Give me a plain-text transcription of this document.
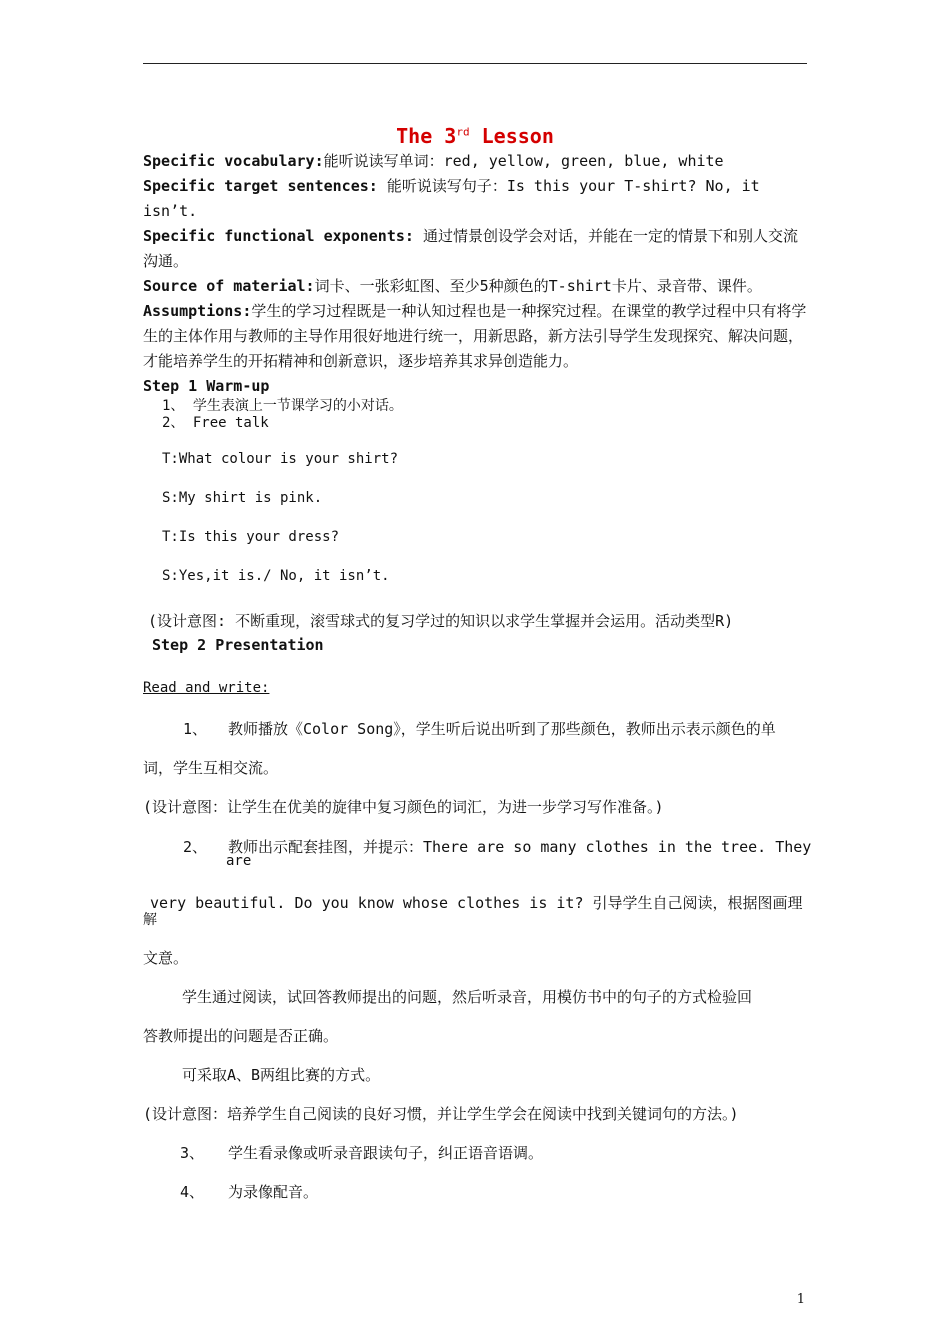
The 3rd Lesson
Specific vocabulary:能听说读写单词：red, yellow, green, blue, white
Specific target sentences: 能听说读写句子：Is this your T-shirt? No, it isn’t.
Specific functional exponents: 通过情景创设学会对话，并能在一定的情景下和别人交流沟通。
Source of material:词卡、一张彩虹图、至少5种颜色的T-shirt卡片、录音带、课件。
Assumptions:学生的学习过程既是一种认知过程也是一种探究过程。在课堂的教学过程中只有将学生的主体作用与教师的主导作用很好地进行统一，用新思路，新方法引导学生发现探究、解决问题，才能培养学生的开拓精神和创新意识，逐步培养其求异创造能力。
Step 1 Warm-up
1、 学生表演上一节课学习的小对话。
2、 Free talk
T:What colour is your shirt?
S:My shirt is pink.
T:Is this your dress?
S:Yes,it is./ No, it isn’t.
(设计意图: 不断重现，滚雪球式的复习学过的知识以求学生掌握并会运用。活动类型R)
Step 2 Presentation
Read and write:
1、 教师播放《Color Song》，学生听后说出听到了那些颜色，教师出示表示颜色的单
词，学生互相交流。
(设计意图：让学生在优美的旋律中复习颜色的词汇，为进一步学习写作准备。)
2、 教师出示配套挂图，并提示：There are so many clothes in the tree. They
are
very beautiful. Do you know whose clothes is it? 引导学生自己阅读，根据图画理
解
文意。
学生通过阅读，试回答教师提出的问题，然后听录音，用模仿书中的句子的方式检验回
答教师提出的问题是否正确。
可采取A、B两组比赛的方式。
(设计意图：培养学生自己阅读的良好习惯，并让学生学会在阅读中找到关键词句的方法。)
3、 学生看录像或听录音跟读句子，纠正语音语调。
4、 为录像配音。
1
